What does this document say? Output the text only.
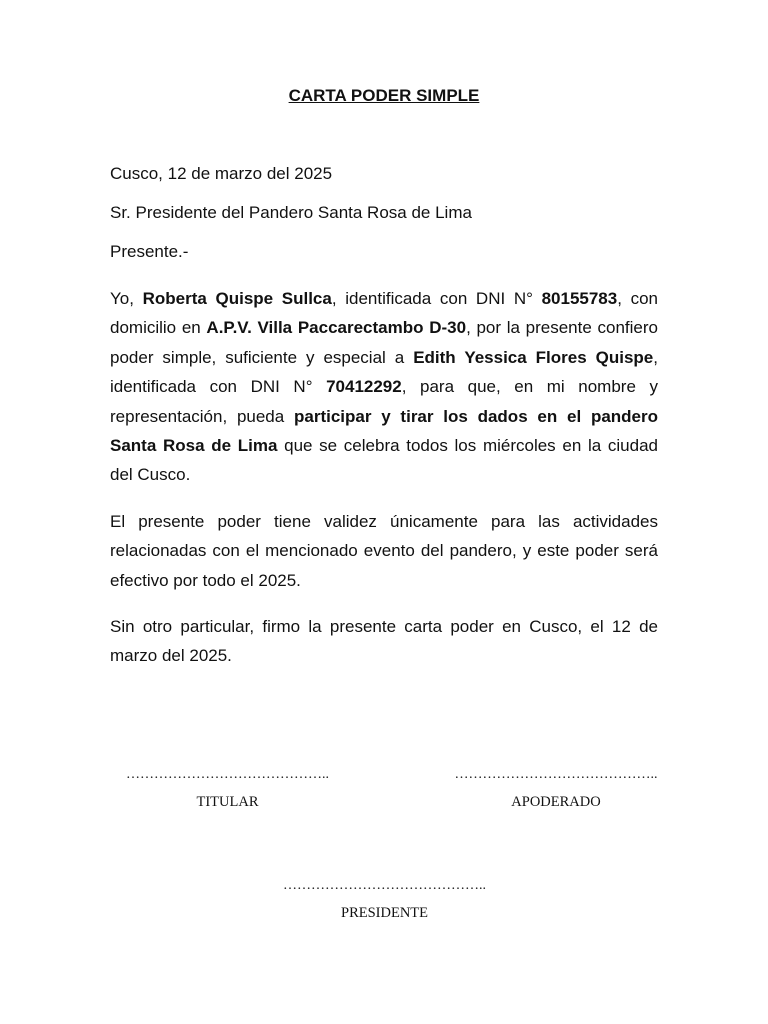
CARTA PODER SIMPLE

Cusco, 12 de marzo del 2025

Sr. Presidente del Pandero Santa Rosa de Lima

Presente.-

Yo, Roberta Quispe Sullca, identificada con DNI N° 80155783, con domicilio en A.P.V. Villa Paccarectambo D-30, por la presente confiero poder simple, suficiente y especial a Edith Yessica Flores Quispe, identificada con DNI N° 70412292, para que, en mi nombre y representación, pueda participar y tirar los dados en el pandero Santa Rosa de Lima que se celebra todos los miércoles en la ciudad del Cusco.

El presente poder tiene validez únicamente para las actividades relacionadas con el mencionado evento del pandero, y este poder será efectivo por todo el 2025.

Sin otro particular, firmo la presente carta poder en Cusco, el 12 de marzo del 2025.

……………………………………..
TITULAR
……………………………………..
APODERADO
……………………………………..
PRESIDENTE
